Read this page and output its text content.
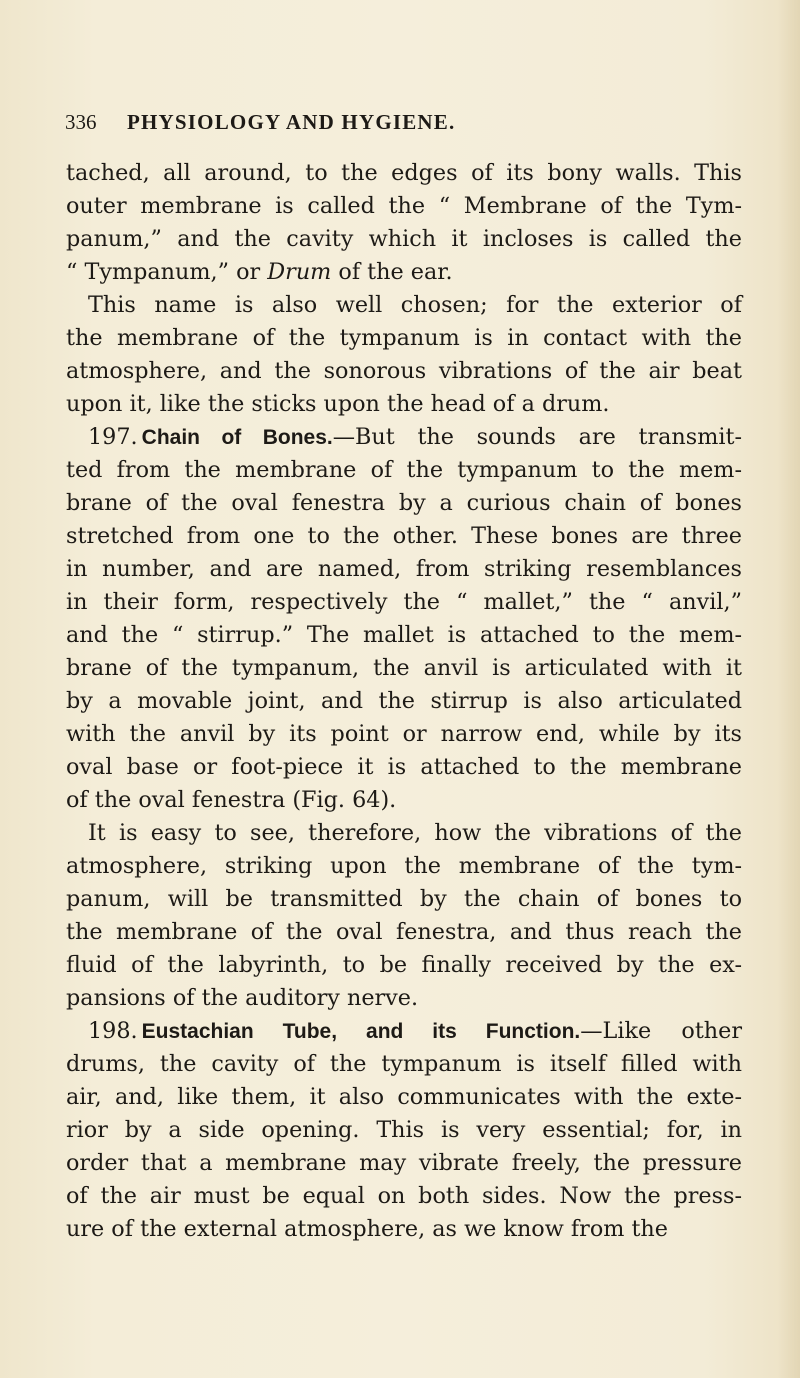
336 PHYSIOLOGY AND HYGIENE.
tached, all around, to the edges of its bony walls. This
outer membrane is called the “ Membrane of the Tym-
panum,” and the cavity which it incloses is called the
“ Tympanum,” or Drum of the ear.
This name is also well chosen; for the exterior of
the membrane of the tympanum is in contact with the
atmosphere, and the sonorous vibrations of the air beat
upon it, like the sticks upon the head of a drum.
197. Chain of Bones.—But the sounds are transmit-
ted from the membrane of the tympanum to the mem-
brane of the oval fenestra by a curious chain of bones
stretched from one to the other. These bones are three
in number, and are named, from striking resemblances
in their form, respectively the “ mallet,” the “ anvil,”
and the “ stirrup.” The mallet is attached to the mem-
brane of the tympanum, the anvil is articulated with it
by a movable joint, and the stirrup is also articulated
with the anvil by its point or narrow end, while by its
oval base or foot-piece it is attached to the membrane
of the oval fenestra (Fig. 64).
It is easy to see, therefore, how the vibrations of the
atmosphere, striking upon the membrane of the tym-
panum, will be transmitted by the chain of bones to
the membrane of the oval fenestra, and thus reach the
fluid of the labyrinth, to be finally received by the ex-
pansions of the auditory nerve.
198. Eustachian Tube, and its Function.—Like other
drums, the cavity of the tympanum is itself filled with
air, and, like them, it also communicates with the exte-
rior by a side opening. This is very essential; for, in
order that a membrane may vibrate freely, the pressure
of the air must be equal on both sides. Now the press-
ure of the external atmosphere, as we know from the
